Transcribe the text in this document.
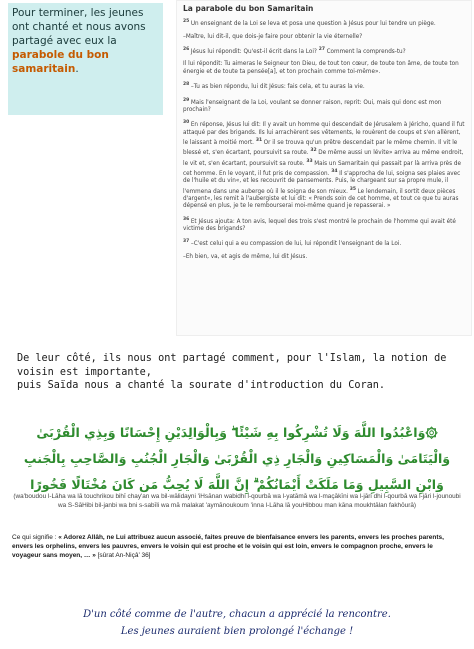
Pour terminer, les jeunes ont chanté et nous avons partagé avec eux la parabole du bon samaritain.
La parabole du bon Samaritain

$^{25}$ Un enseignant de la Loi se leva et posa une question à Jésus pour lui tendre un piège.

–Maître, lui dit-il, que dois-je faire pour obtenir la vie éternelle?

$^{26}$ Jésus lui répondit: Qu'est-il écrit dans la Loi? $^{27}$ Comment la comprends-tu?

Il lui répondit: Tu aimeras le Seigneur ton Dieu, de tout ton cœur, de toute ton âme, de toute ton énergie et de toute ta pensée[a], et ton prochain comme toi-même».

$^{28}$ –Tu as bien répondu, lui dit Jésus: fais cela, et tu auras la vie.

$^{29}$ Mais l'enseignant de la Loi, voulant se donner raison, reprit: Oui, mais qui donc est mon prochain?

$^{30}$ En réponse, Jésus lui dit: Il y avait un homme qui descendait de Jérusalem à Jéricho, quand il fut attaqué par des brigands. Ils lui arrachèrent ses vêtements, le rouèrent de coups et s'en allèrent, le laissant à moitié mort. $^{31}$ Or il se trouva qu'un prêtre descendait par le même chemin. Il vit le blessé et, s'en écartant, poursuivit sa route. $^{32}$ De même aussi un lévite» arriva au même endroit, le vit et, s'en écartant, poursuivit sa route. $^{33}$ Mais un Samaritain qui passait par là arriva près de cet homme. En le voyant, il fut pris de compassion. $^{34}$ Il s'approcha de lui, soigna ses plaies avec de l'huile et du vin«, et les recouvrit de pansements. Puis, le chargeant sur sa propre mule, il l'emmena dans une auberge où il le soigna de son mieux. $^{35}$ Le lendemain, il sortit deux pièces d'argent«, les remit à l'aubergiste et lui dit: « Prends soin de cet homme, et tout ce que tu auras dépensé en plus, je te le rembourserai moi-même quand je repasserai. »

$^{36}$ Et Jésus ajouta: A ton avis, lequel des trois s'est montré le prochain de l'homme qui avait été victime des brigands?

$^{37}$ –C'est celui qui a eu compassion de lui, lui répondit l'enseignant de la Loi.

–Eh bien, va, et agis de même, lui dit Jésus.

De leur côté, ils nous ont partagé comment, pour l'Islam, la notion de voisin est importante,
puis Saïda nous a chanté la sourate d'introduction du Coran.
۞وَاعْبُدُوا اللَّهَ وَلَا تُشْرِكُوا بِهِ شَيْئًا ۖ وَبِالْوَالِدَيْنِ إِحْسَانًا وَبِذِي الْقُرْبَىٰ وَالْيَتَامَىٰ وَالْمَسَاكِينِ وَالْجَارِ ذِي الْقُرْبَىٰ وَالْجَارِ الْجُنُبِ وَالصَّاحِبِ بِالْجَنبِ وَابْنِ السَّبِيلِ وَمَا مَلَكَتْ أَيْمَانُكُمْ ۗ إِنَّ اللَّهَ لَا يُحِبُّ مَن كَانَ مُخْتَالًا فَخُورًا
(wa'boudou l-Lāha wa lā touchrikou bihī chay'an wa bil-wālidayni 'iHsānan wabidhi l-qourbā wa l-yatāmā wa l-maçākīni wa l-jāri dhi l-qourbā wa l-jāri l-jounoubi wa S-SāHibi bil-janbi wa bni s-sabīli wa mā malakat 'aymānoukoum 'inna l-Lāha lā youHibbou man kāna moukhtālan fakhōurā)
Ce qui signifie : « Adorez Allâh, ne Lui attribuez aucun associé, faites preuve de bienfaisance envers les parents, envers les proches parents, envers les orphelins, envers les pauvres, envers le voisin qui est proche et le voisin qui est loin, envers le compagnon proche, envers le voyageur sans moyen, … » [sûrat An-Niçâ’ 36]
D'un côté comme de l'autre, chacun a apprécié la rencontre.
Les jeunes auraient bien prolongé l'échange !
